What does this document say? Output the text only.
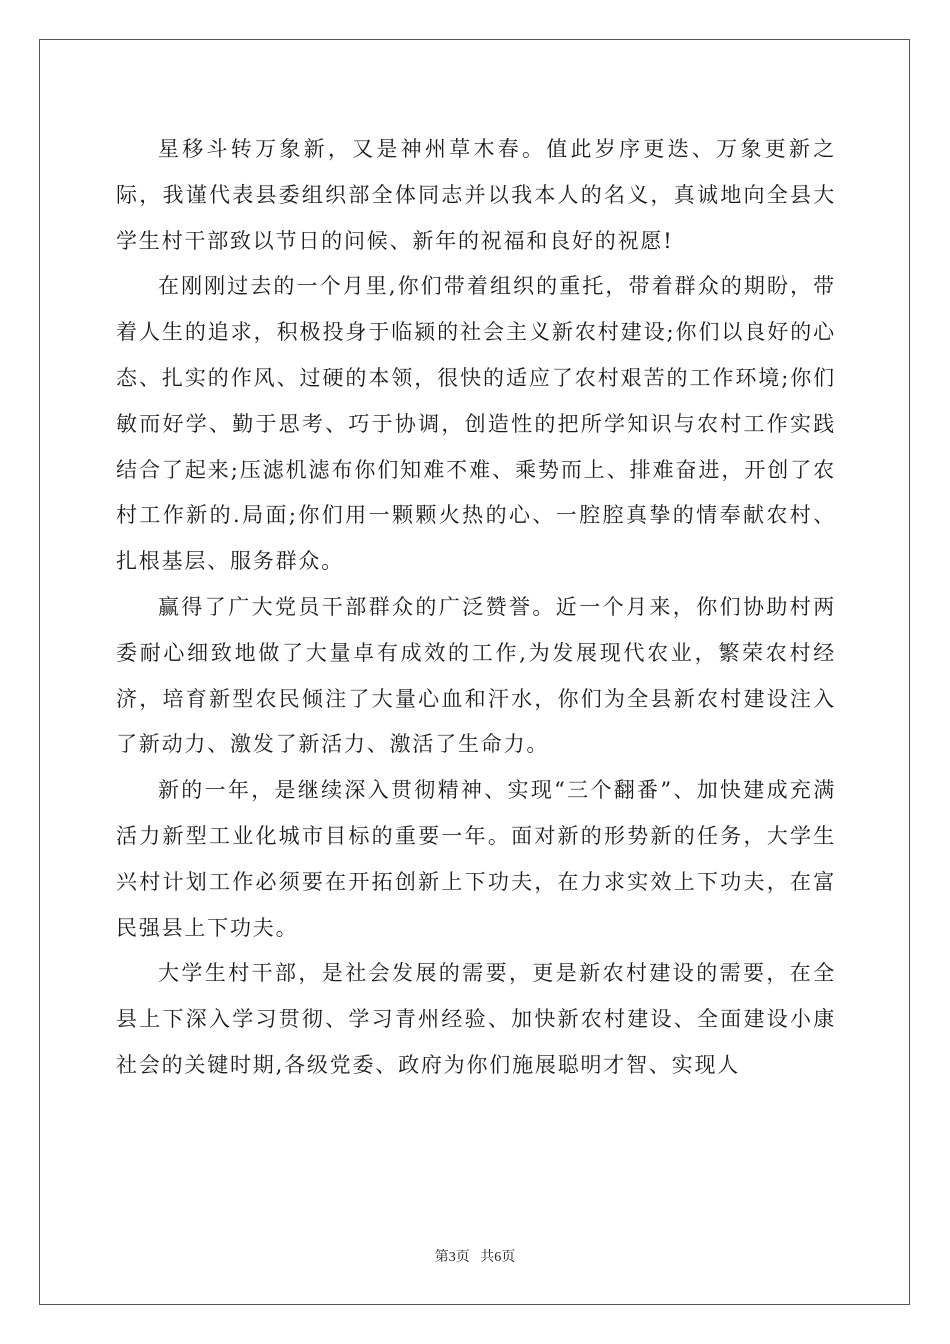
星移斗转万象新，又是神州草木春。值此岁序更迭、万象更新之际，我谨代表县委组织部全体同志并以我本人的名义，真诚地向全县大学生村干部致以节日的问候、新年的祝福和良好的祝愿!

在刚刚过去的一个月里,你们带着组织的重托，带着群众的期盼，带着人生的追求，积极投身于临颍的社会主义新农村建设;你们以良好的心态、扎实的作风、过硬的本领，很快的适应了农村艰苦的工作环境;你们敏而好学、勤于思考、巧于协调，创造性的把所学知识与农村工作实践结合了起来;压滤机滤布你们知难不难、乘势而上、排难奋进，开创了农村工作新的.局面;你们用一颗颗火热的心、一腔腔真挚的情奉献农村、扎根基层、服务群众。

赢得了广大党员干部群众的广泛赞誉。近一个月来，你们协助村两委耐心细致地做了大量卓有成效的工作,为发展现代农业，繁荣农村经济，培育新型农民倾注了大量心血和汗水，你们为全县新农村建设注入了新动力、激发了新活力、激活了生命力。

新的一年，是继续深入贯彻精神、实现“三个翻番”、加快建成充满活力新型工业化城市目标的重要一年。面对新的形势新的任务，大学生兴村计划工作必须要在开拓创新上下功夫，在力求实效上下功夫，在富民强县上下功夫。

大学生村干部，是社会发展的需要，更是新农村建设的需要，在全县上下深入学习贯彻、学习青州经验、加快新农村建设、全面建设小康社会的关键时期,各级党委、政府为你们施展聪明才智、实现人

第3页   共6页
